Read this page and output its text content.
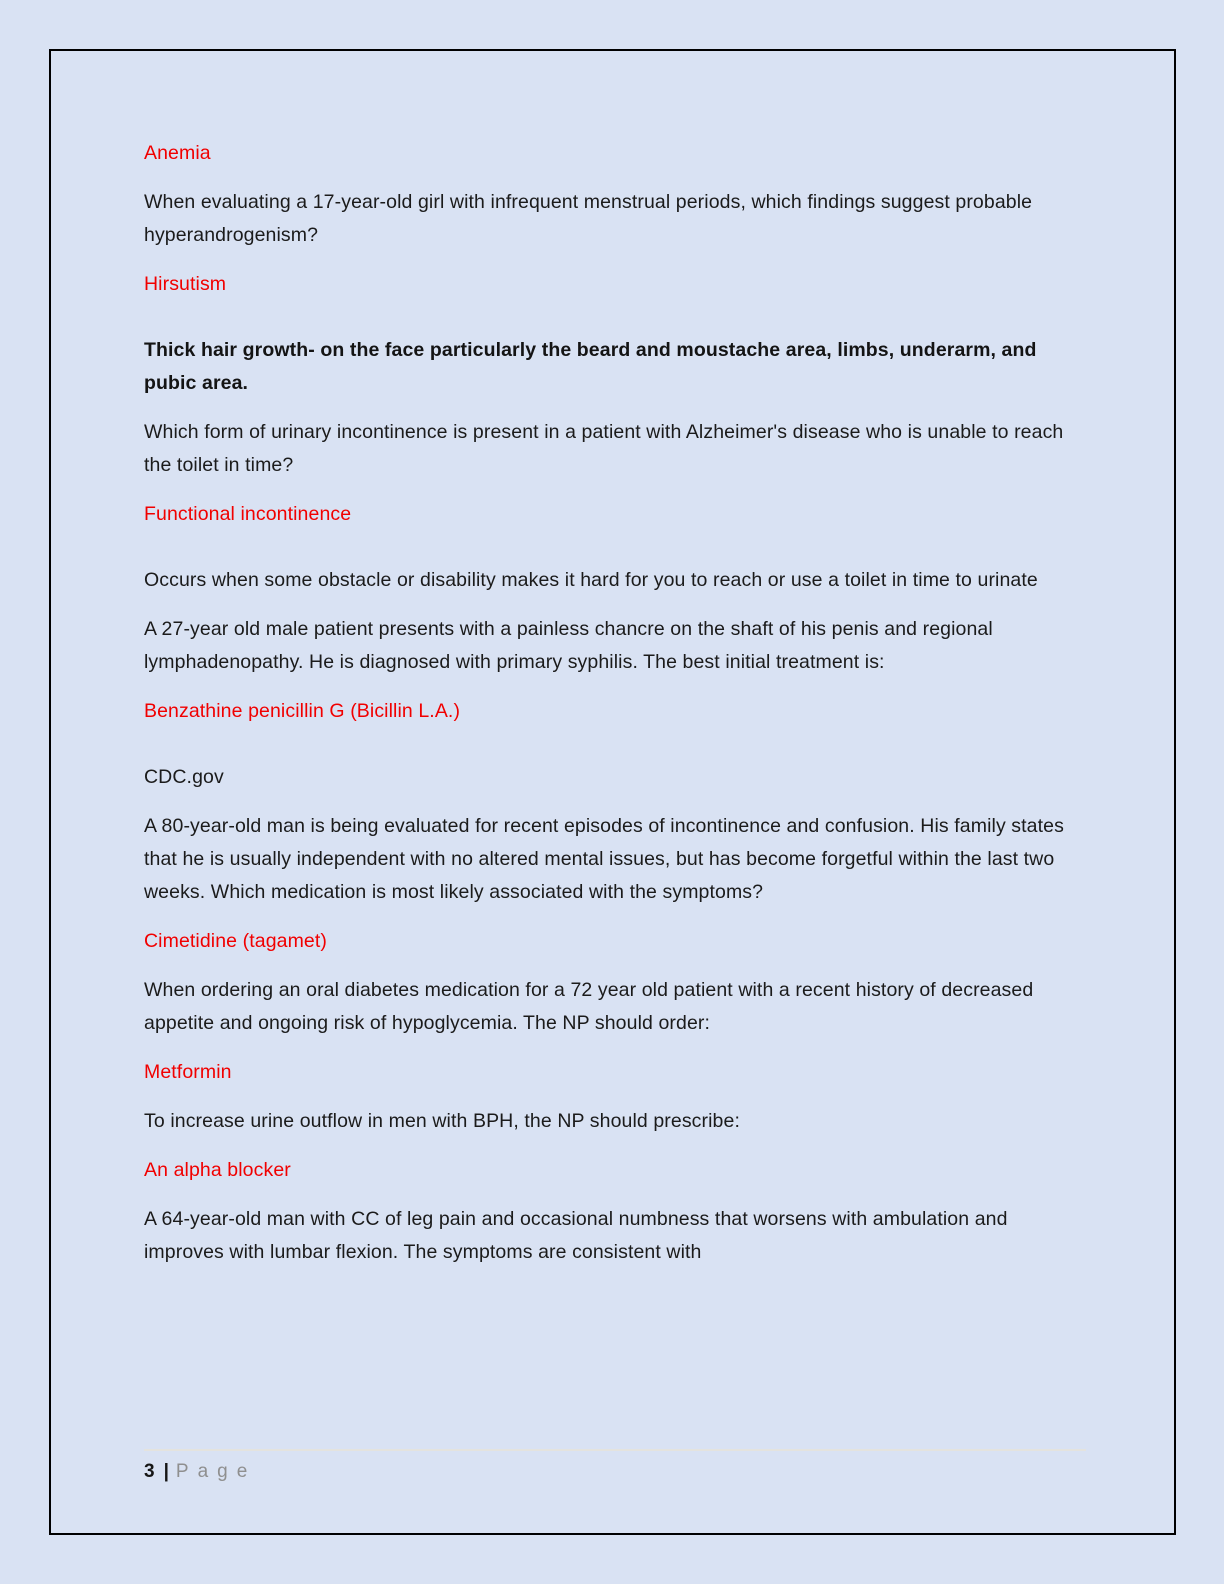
Anemia

When evaluating a 17-year-old girl with infrequent menstrual periods, which findings suggest probable hyperandrogenism?

Hirsutism

Thick hair growth- on the face particularly the beard and moustache area, limbs, underarm, and pubic area.

Which form of urinary incontinence is present in a patient with Alzheimer's disease who is unable to reach the toilet in time?

Functional incontinence

Occurs when some obstacle or disability makes it hard for you to reach or use a toilet in time to urinate

A 27-year old male patient presents with a painless chancre on the shaft of his penis and regional lymphadenopathy. He is diagnosed with primary syphilis. The best initial treatment is:

Benzathine penicillin G (Bicillin L.A.)

CDC.gov

A 80-year-old man is being evaluated for recent episodes of incontinence and confusion. His family states that he is usually independent with no altered mental issues, but has become forgetful within the last two weeks. Which medication is most likely associated with the symptoms?

Cimetidine (tagamet)

When ordering an oral diabetes medication for a 72 year old patient with a recent history of decreased appetite and ongoing risk of hypoglycemia. The NP should order:

Metformin

To increase urine outflow in men with BPH, the NP should prescribe:

An alpha blocker

A 64-year-old man with CC of leg pain and occasional numbness that worsens with ambulation and improves with lumbar flexion. The symptoms are consistent with

3 | Page
